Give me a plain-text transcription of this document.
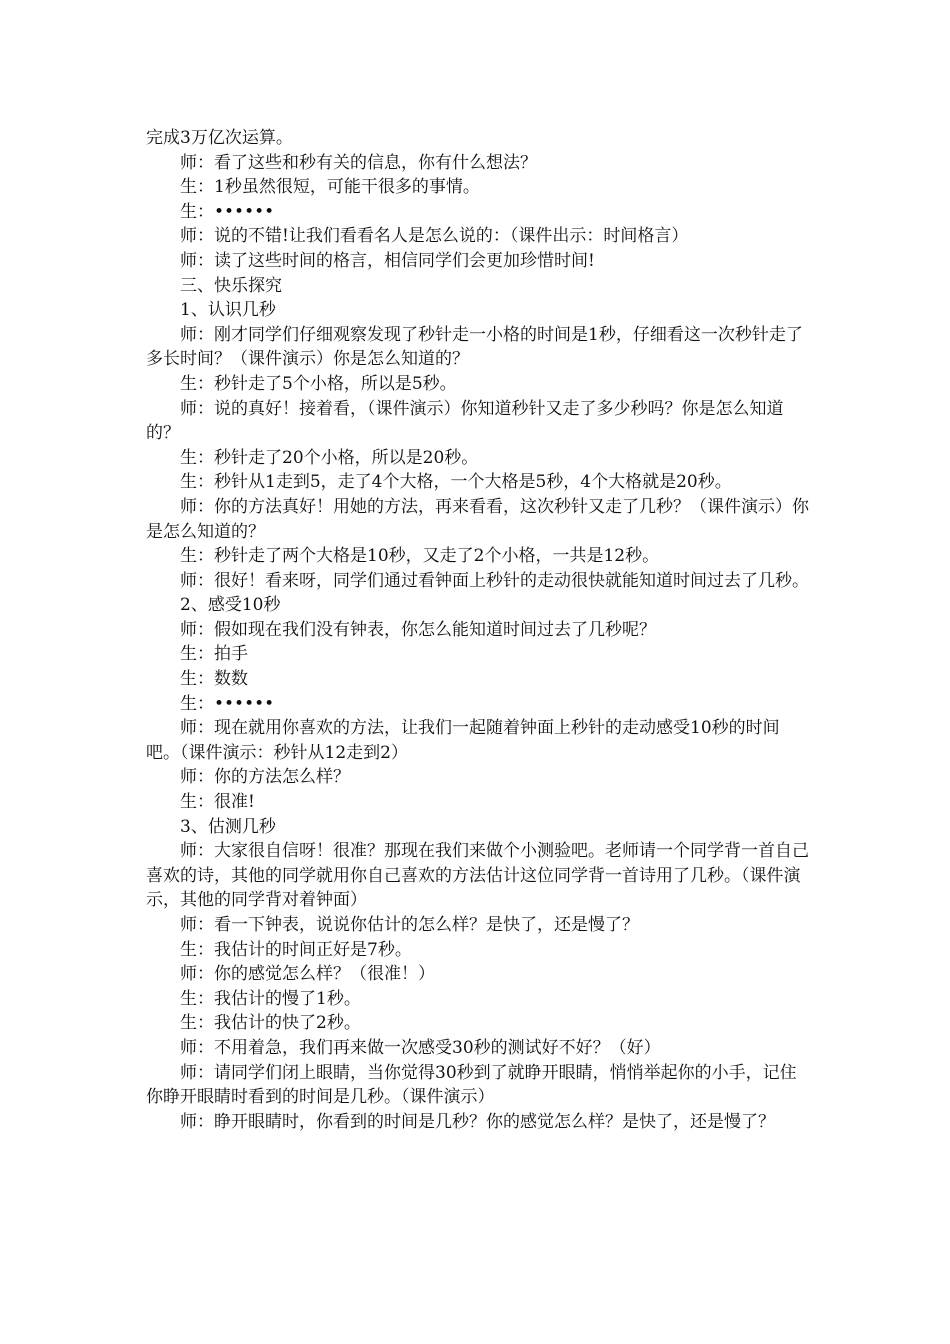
完成3万亿次运算。

师：看了这些和秒有关的信息，你有什么想法？

生：1秒虽然很短，可能干很多的事情。

生：••••••

师：说的不错!让我们看看名人是怎么说的：（课件出示：时间格言）

师：读了这些时间的格言，相信同学们会更加珍惜时间!

三、快乐探究

1、认识几秒

师：刚才同学们仔细观察发现了秒针走一小格的时间是1秒，仔细看这一次秒针走了多长时间？（课件演示）你是怎么知道的？

生：秒针走了5个小格，所以是5秒。

师：说的真好！接着看，（课件演示）你知道秒针又走了多少秒吗？你是怎么知道的？

生：秒针走了20个小格，所以是20秒。

生：秒针从1走到5，走了4个大格，一个大格是5秒，4个大格就是20秒。

师：你的方法真好！用她的方法，再来看看，这次秒针又走了几秒？（课件演示）你是怎么知道的？

生：秒针走了两个大格是10秒，又走了2个小格，一共是12秒。

师：很好！看来呀，同学们通过看钟面上秒针的走动很快就能知道时间过去了几秒。

2、感受10秒

师：假如现在我们没有钟表，你怎么能知道时间过去了几秒呢？

生：拍手

生：数数

生：••••••

师：现在就用你喜欢的方法，让我们一起随着钟面上秒针的走动感受10秒的时间吧。（课件演示：秒针从12走到2）

师：你的方法怎么样？

生：很准!

3、估测几秒

师：大家很自信呀！很准？那现在我们来做个小测验吧。老师请一个同学背一首自己喜欢的诗，其他的同学就用你自己喜欢的方法估计这位同学背一首诗用了几秒。（课件演示，其他的同学背对着钟面）

师：看一下钟表，说说你估计的怎么样？是快了，还是慢了？

生：我估计的时间正好是7秒。

师：你的感觉怎么样？（很准！）

生：我估计的慢了1秒。

生：我估计的快了2秒。

师：不用着急，我们再来做一次感受30秒的测试好不好？（好）

师：请同学们闭上眼睛，当你觉得30秒到了就睁开眼睛，悄悄举起你的小手，记住你睁开眼睛时看到的时间是几秒。（课件演示）

师：睁开眼睛时，你看到的时间是几秒？你的感觉怎么样？是快了，还是慢了？
